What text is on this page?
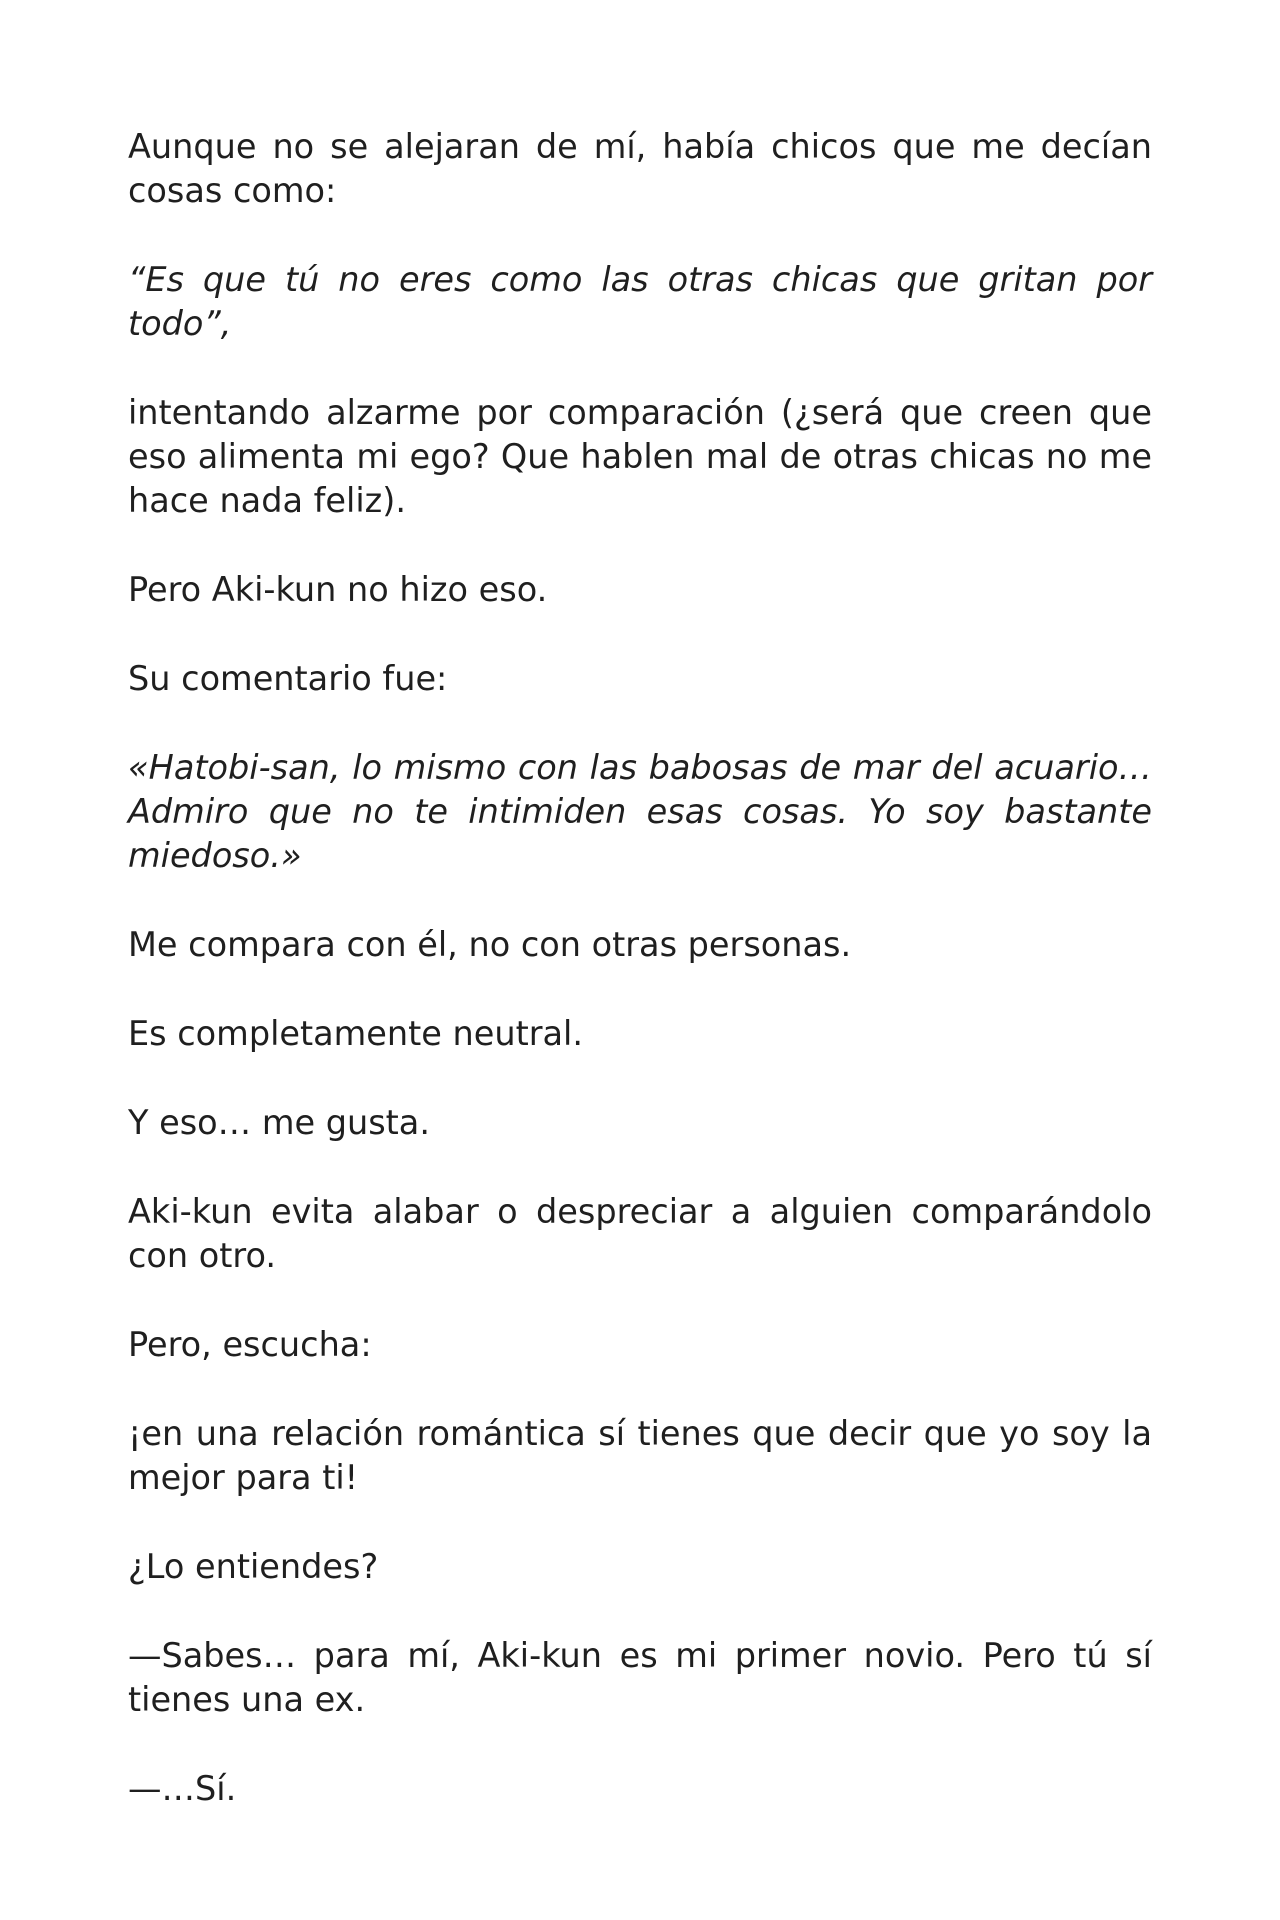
Aunque no se alejaran de mí, había chicos que me decían cosas como:

“Es que tú no eres como las otras chicas que gritan por todo”,

intentando alzarme por comparación (¿será que creen que eso alimenta mi ego? Que hablen mal de otras chicas no me hace nada feliz).

Pero Aki-kun no hizo eso.

Su comentario fue:

«Hatobi-san, lo mismo con las babosas de mar del acuario… Admiro que no te intimiden esas cosas. Yo soy bastante miedoso.»

Me compara con él, no con otras personas.

Es completamente neutral.

Y eso… me gusta.

Aki-kun evita alabar o despreciar a alguien comparándolo con otro.

Pero, escucha:

¡en una relación romántica sí tienes que decir que yo soy la mejor para ti!

¿Lo entiendes?

—Sabes… para mí, Aki-kun es mi primer novio. Pero tú sí tienes una ex.

—…Sí.
